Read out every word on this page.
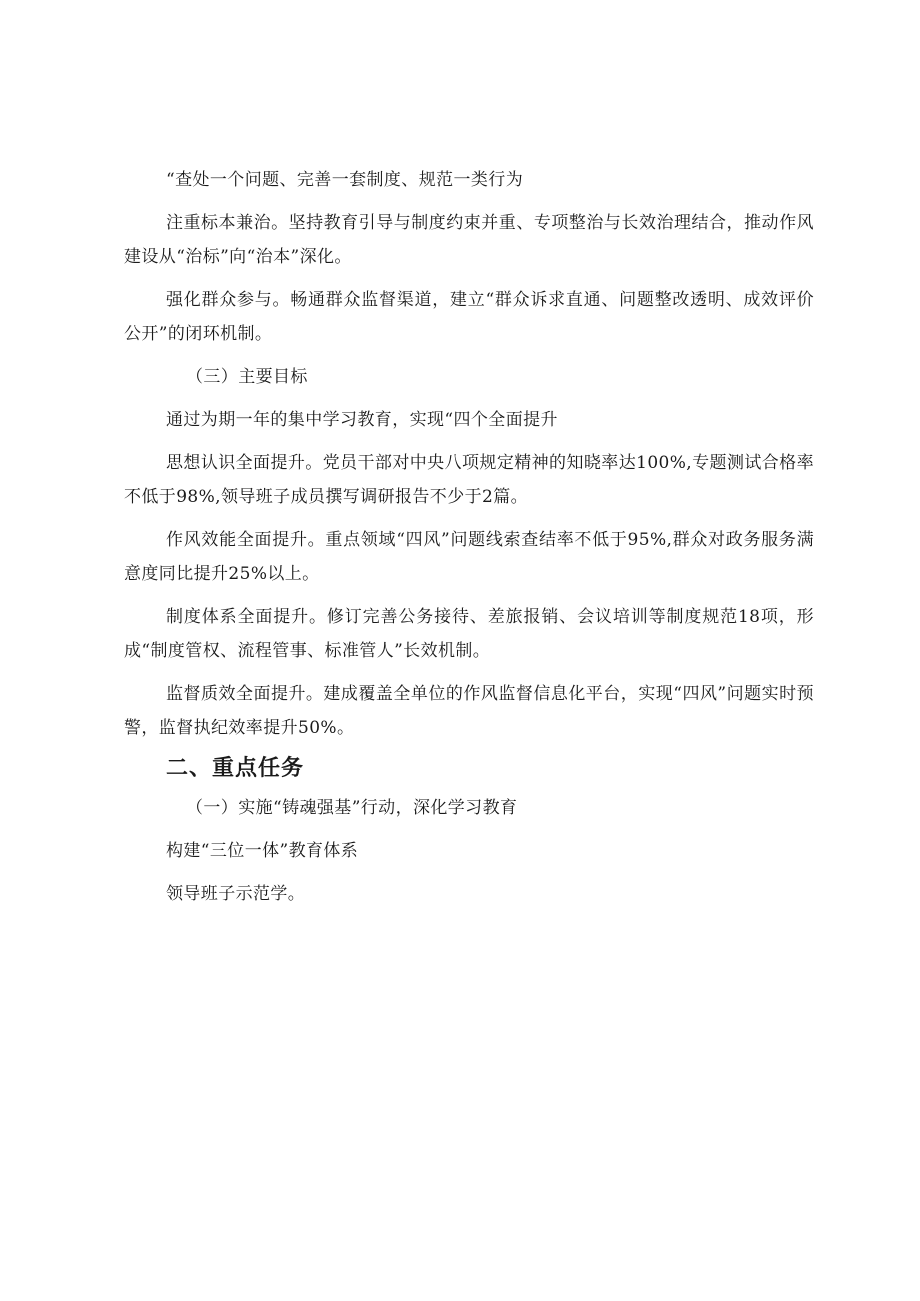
“查处一个问题、完善一套制度、规范一类行为

注重标本兼治。坚持教育引导与制度约束并重、专项整治与长效治理结合，推动作风建设从“治标”向“治本”深化。

强化群众参与。畅通群众监督渠道，建立“群众诉求直通、问题整改透明、成效评价公开”的闭环机制。

（三）主要目标

通过为期一年的集中学习教育，实现“四个全面提升

思想认识全面提升。党员干部对中央八项规定精神的知晓率达100%,专题测试合格率不低于98%,领导班子成员撰写调研报告不少于2篇。

作风效能全面提升。重点领域“四风”问题线索查结率不低于95%,群众对政务服务满意度同比提升25%以上。

制度体系全面提升。修订完善公务接待、差旅报销、会议培训等制度规范18项，形成“制度管权、流程管事、标准管人”长效机制。

监督质效全面提升。建成覆盖全单位的作风监督信息化平台，实现“四风”问题实时预警，监督执纪效率提升50%。

二、重点任务

（一）实施“铸魂强基”行动，深化学习教育

构建“三位一体”教育体系

领导班子示范学。
